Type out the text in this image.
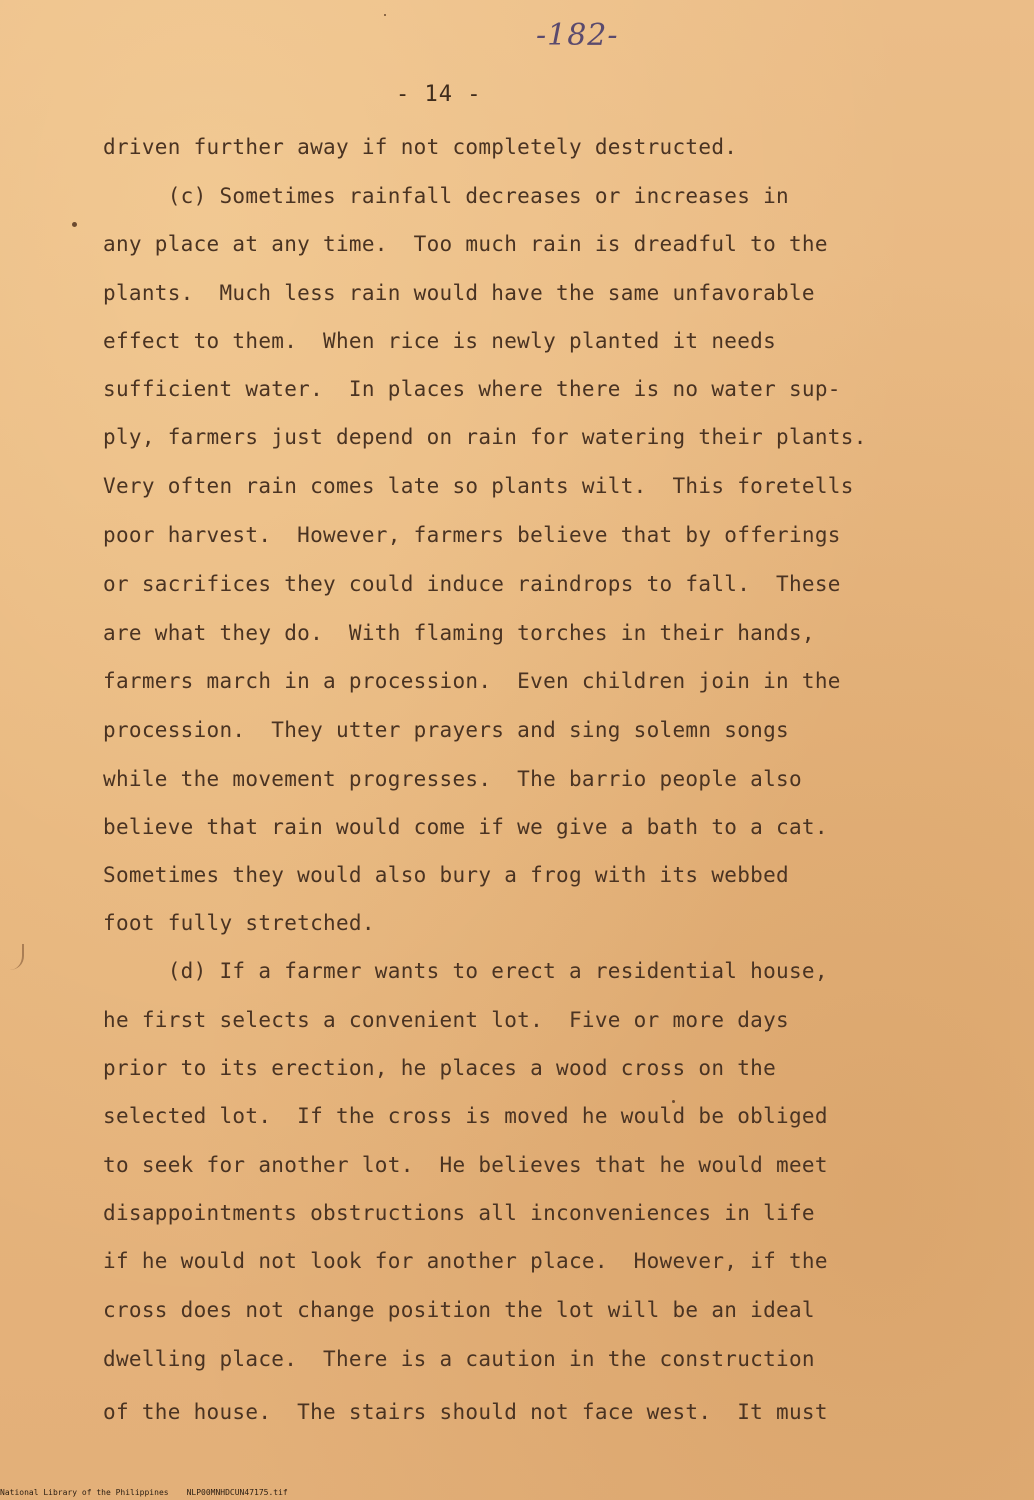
-182-
- 14 -
driven further away if not completely destructed.
(c) Sometimes rainfall decreases or increases in
any place at any time.  Too much rain is dreadful to the
plants.  Much less rain would have the same unfavorable
effect to them.  When rice is newly planted it needs
sufficient water.  In places where there is no water sup-
ply, farmers just depend on rain for watering their plants.
Very often rain comes late so plants wilt.  This foretells
poor harvest.  However, farmers believe that by offerings
or sacrifices they could induce raindrops to fall.  These
are what they do.  With flaming torches in their hands,
farmers march in a procession.  Even children join in the
procession.  They utter prayers and sing solemn songs
while the movement progresses.  The barrio people also
believe that rain would come if we give a bath to a cat.
Sometimes they would also bury a frog with its webbed
foot fully stretched.
(d) If a farmer wants to erect a residential house,
he first selects a convenient lot.  Five or more days
prior to its erection, he places a wood cross on the
selected lot.  If the cross is moved he would be obliged
to seek for another lot.  He believes that he would meet
disappointments obstructions all inconveniences in life
if he would not look for another place.  However, if the
cross does not change position the lot will be an ideal
dwelling place.  There is a caution in the construction
of the house.  The stairs should not face west.  It must
National Library of the Philippines NLP00MNHDCUN47175.tif
